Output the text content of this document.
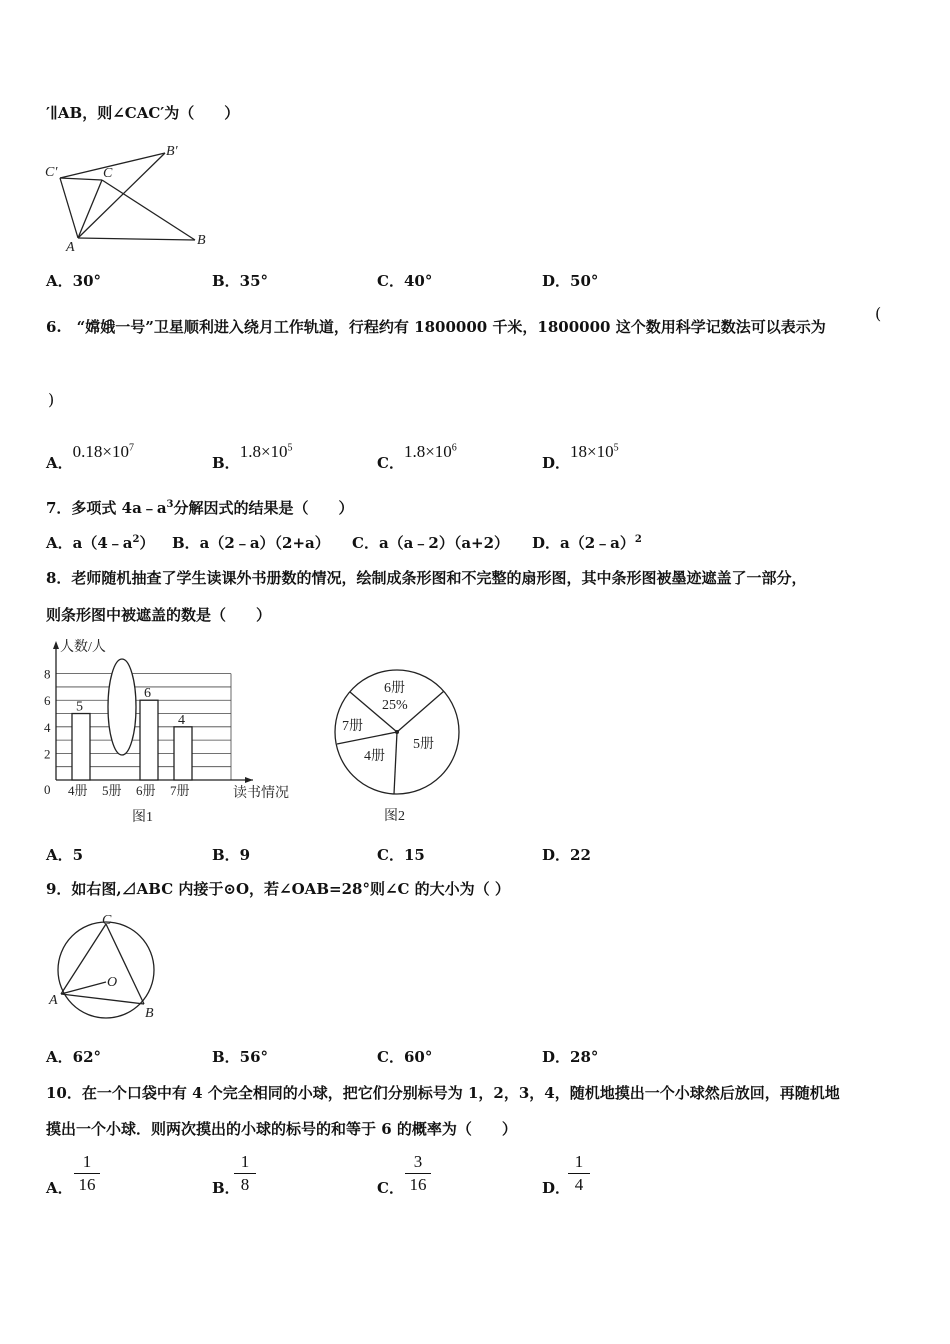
′∥AB，则∠CAC′为（　　）
C′	C
B′
A	B
A．30°	B．35°	C．40°	D．50°
6.　“嫦娥一号”卫星顺利进入绕月工作轨道，行程约有 1800000 千米，1800000 这个数用科学记数法可以表示为
(
)
A．$0.18\times 10^7$
B．$1.8\times 10^5$
C．$1.8\times 10^6$
D．$18\times 10^5$
7．多项式 $4a﹣a^3$分解因式的结果是（　　）
A．$a(4﹣a^2)$ B．a（2﹣a）（2+a） C．a（a﹣2）（a+2） D．a（2﹣a）$^2$
8．老师随机抽查了学生读课外书册数的情况，绘制成条形图和不完整的扇形图，其中条形图被墨迹遮盖了一部分，
则条形图中被遮盖的数是（　　）
0
2
4
6
8
人数/人
读书情况
5
4册 5册
6
6册
4
7册
图1
6册
25%
5册
4册
7册
图2
A．5	B．9	C．15	D．22
9．如右图,⊿ABC 内接于⊙O，若∠OAB=28°则∠C 的大小为（ ）
C
O
A
B
A．62°	B．56°	C．60°	D．28°
10．在一个口袋中有 4 个完全相同的小球，把它们分别标号为 1，2，3，4，随机地摸出一个小球然后放回，再随机地
摸出一个小球．则两次摸出的小球的标号的和等于 6 的概率为（　　）
A． $\frac{1}{16}$	B．
$\frac{1}{8}$	C． $\frac{3}{16}$	D．
$\frac{1}{4}$
